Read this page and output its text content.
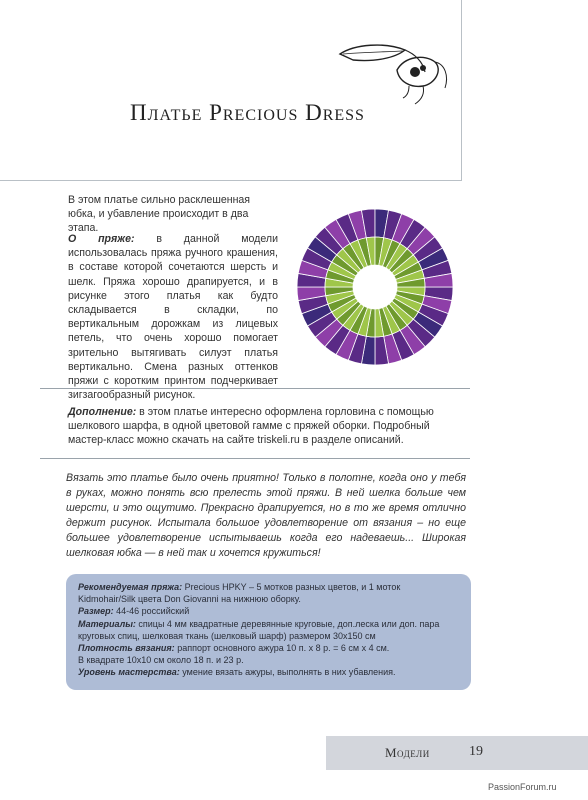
Платье Precious Dress
В этом платье сильно расклешенная юбка, и убавление происходит в два этапа.
О пряже: в данной модели использовалась пряжа ручного крашения, в составе которой сочетаются шерсть и шелк. Пряжа хорошо драпируется, и в рисунке этого платья как будто складывается в складки, по вертикальным дорожкам из лицевых петель, что очень хорошо помогает зрительно вытягивать силуэт платья вертикально. Смена разных оттенков пряжи с коротким принтом подчеркивает зигзагообразный рисунок.
Дополнение: в этом платье интересно оформлена горловина с помощью шелкового шарфа, в одной цветовой гамме с пряжей оборки. Подробный мастер-класс можно скачать на сайте triskeli.ru в разделе описаний.
Вязать это платье было очень приятно! Только в полотне, когда оно у тебя в руках, можно понять всю прелесть этой пряжи. В ней шелка больше чем шерсти, и это ощутимо. Прекрасно драпируется, но в то же время отлично держит рисунок. Испытала большое удовлетворение от вязания – но еще большее удовлетворение испытываешь когда его надеваешь... Широкая шелковая юбка — в ней так и хочется кружиться!
Рекомендуемая пряжа: Precious HPKY – 5 мотков разных цветов, и 1 моток Kidmohair/Silk цвета Don Giovanni на нижнюю оборку.
Размер: 44-46 российский
Материалы: спицы 4 мм квадратные деревянные круговые, доп.леска или доп. пара круговых спиц, шелковая ткань (шелковый шарф) размером 30х150 см
Плотность вязания: раппорт основного ажура 10 п. х 8 р. = 6 см х 4 см.
В квадрате 10х10 см около 18 п. и 23 р.
Уровень мастерства: умение вязать ажуры, выполнять в них убавления.
Модели	19
PassionForum.ru
